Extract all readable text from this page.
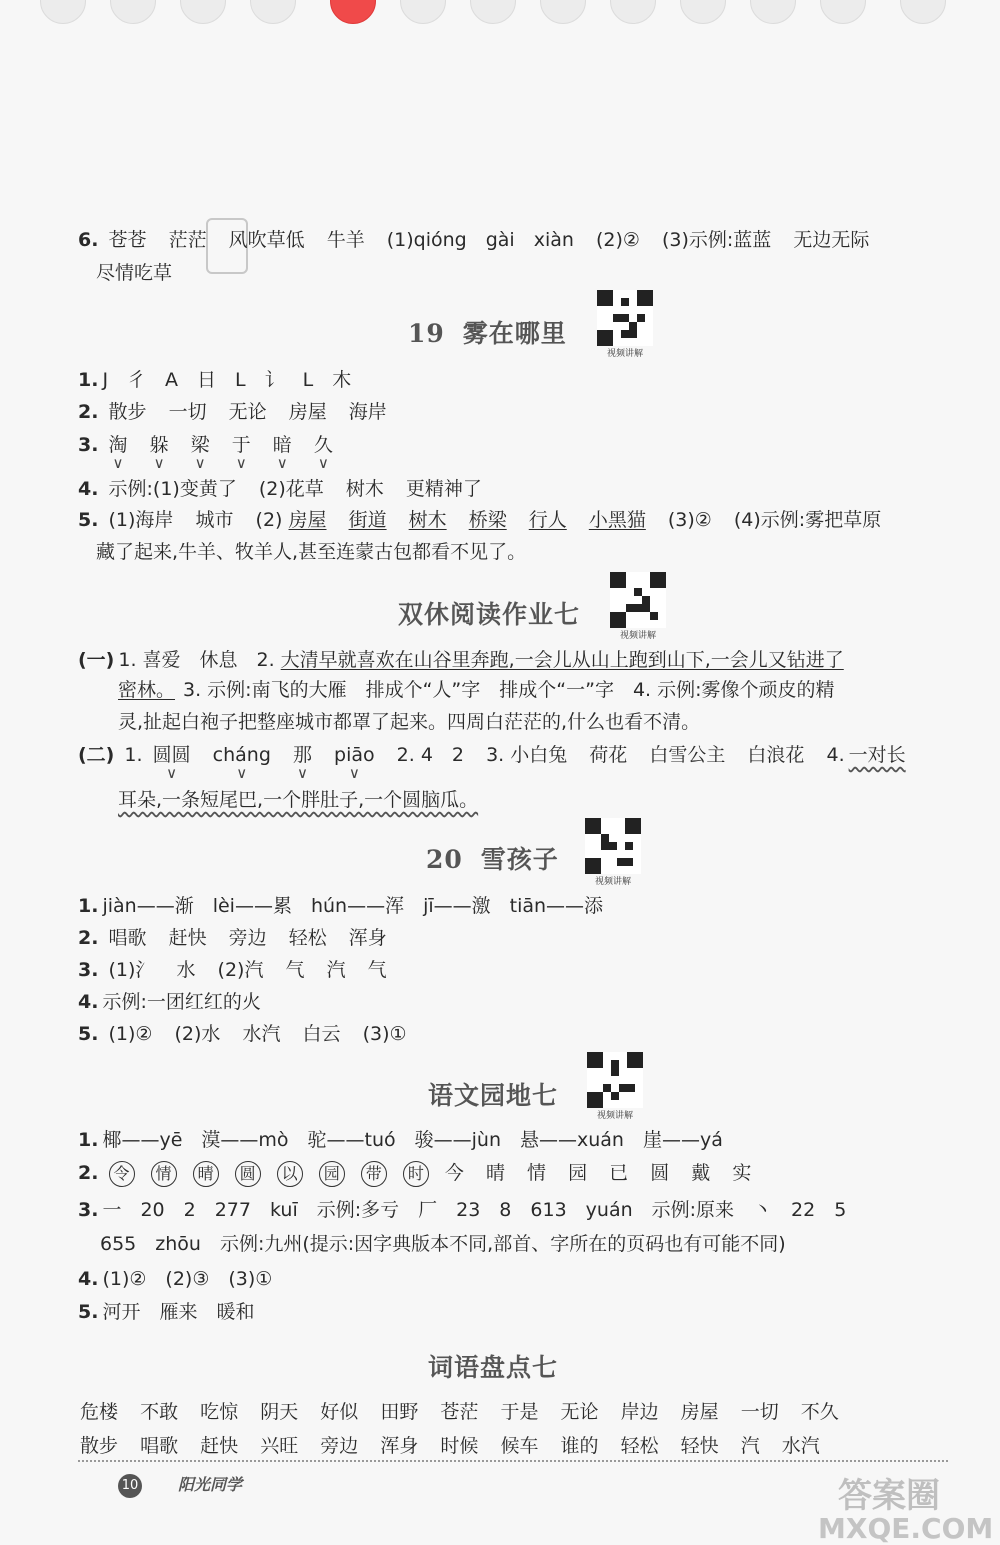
6. 苍苍 茫茫 风吹草低 牛羊 (1)qióng　gài　xiàn (2)② (3)示例:蓝蓝 无边无际
尽情吃草
19 雾在哪里
视频讲解
1. J　彳　A　日　L　讠　L　木
2. 散步 一切 无论 房屋 海岸
3. 淘 ∨ 躲 ∨ 梁 ∨ 于 ∨ 暗 ∨ 久 ∨
4. 示例:(1)变黄了 (2)花草 树木 更精神了
5. (1)海岸 城市 (2) 房屋 街道 树木 桥梁 行人 小黑猫 (3)② (4)示例:雾把草原
藏了起来,牛羊、牧羊人,甚至连蒙古包都看不见了。
双休阅读作业七
视频讲解
(一) 1. 喜爱　休息　2. 大清早就喜欢在山谷里奔跑,一会儿从山上跑到山下,一会儿又钻进了
密林。 3. 示例:南飞的大雁　排成个“人”字　排成个“一”字　4. 示例:雾像个顽皮的精
灵,扯起白袍子把整座城市都罩了起来。四周白茫茫的,什么也看不清。
(二) 1. 圆圆 ∨ cháng ∨ 那 ∨ piāo ∨ 2. 4　2 3. 小白兔 荷花 白雪公主 白浪花 4. 一对长
耳朵,一条短尾巴,一个胖肚子,一个圆脑瓜。
20 雪孩子
视频讲解
1. jiàn——渐　lèi——累　hún——浑　jī——激　tiān——添
2. 唱歌 赶快 旁边 轻松 浑身
3. (1)氵 水 (2)汽 气 汽 气
4. 示例:一团红红的火
5. (1)② (2)水 水汽 白云 (3)①
语文园地七
视频讲解
1. 椰——yē　漠——mò　驼——tuó　骏——jùn　悬——xuán　崖——yá
2. 令 情 晴 圆 以 园 带 时 今 晴 情 园 已 圆 戴 实
3. 一　20　2　277　kuī　示例:多亏　厂　23　8　613　yuán　示例:原来　丶　22　5
655　zhōu　示例:九州(提示:因字典版本不同,部首、字所在的页码也有可能不同)
4. (1)②　(2)③　(3)①
5. 河开　雁来　暖和
词语盘点七
危楼 不敢 吃惊 阴天 好似 田野 苍茫 于是 无论 岸边 房屋 一切 不久
散步 唱歌 赶快 兴旺 旁边 浑身 时候 候车 谁的 轻松 轻快 汽 水汽
10 阳光同学	答案圈
MXQE.COM
